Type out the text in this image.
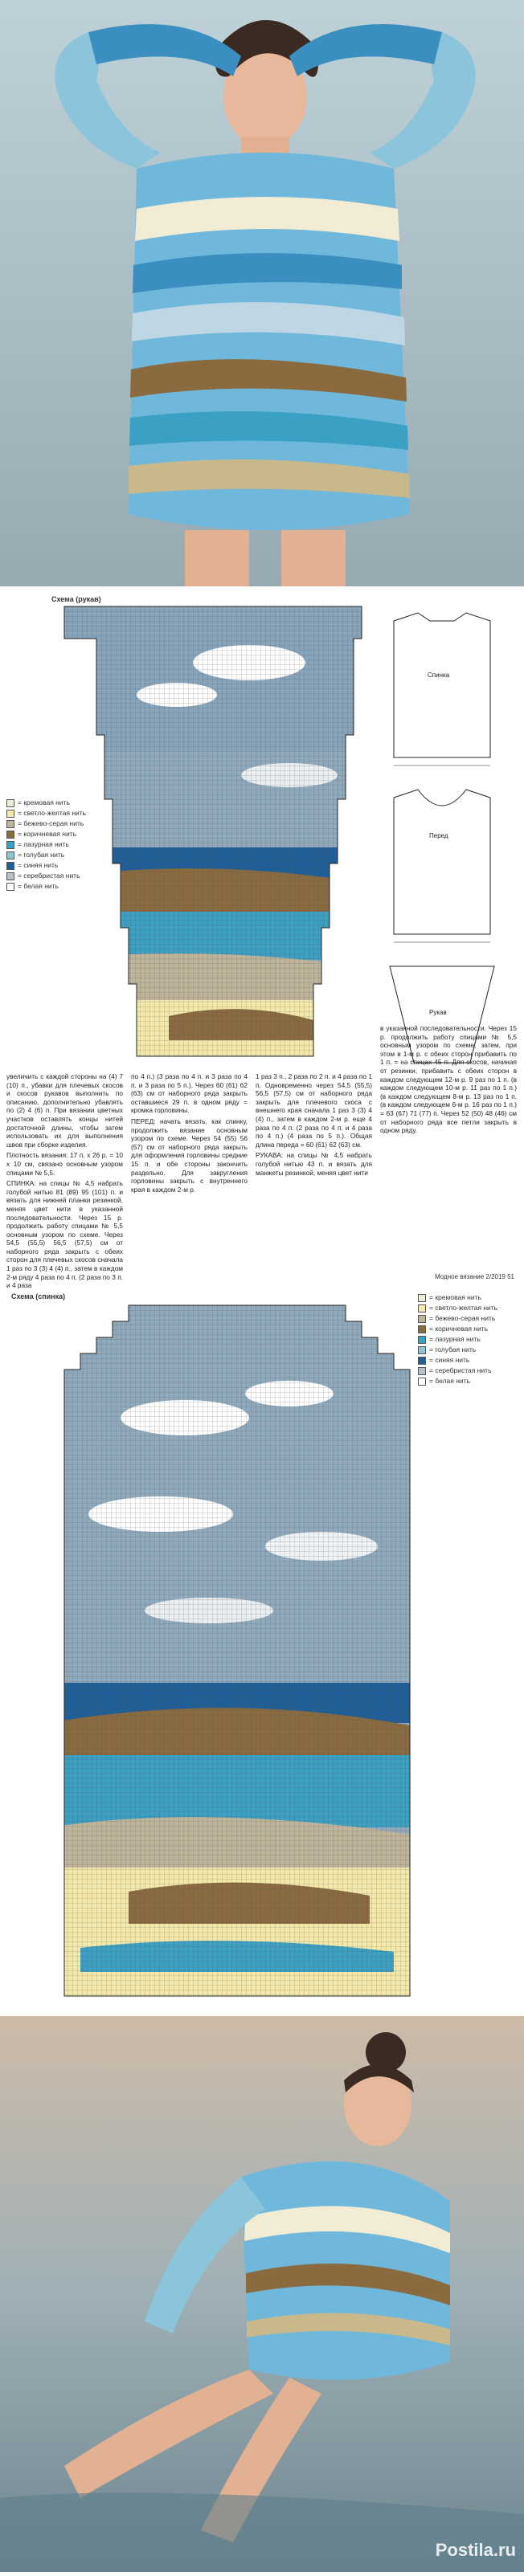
Схема (рукав)
= кремовая нить
= светло-желтая нить
= бежево-серая нить
= коричневая нить
= лазурная нить
= голубая нить
= синяя нить
= серебристая нить
= белая нить
Спинка
Перед
Рукав

увеличить с каждой стороны на (4) 7 (10) п., убавки для плечевых скосов и скосов рукавов выполнить по описанию, дополнительно убавлять по (2) 4 (6) п. При вязании цветных участков оставлять концы нитей достаточной длины, чтобы затем использовать их для выполнения швов при сборке изделия.

Плотность вязания: 17 п. х 26 р. = 10 х 10 см, связано основным узором спицами № 5,5.

СПИНКА: на спицы № 4,5 набрать голубой нитью 81 (89) 95 (101) п. и вязать для нижней планки резинкой, меняя цвет нити в указанной последовательности. Через 15 р. продолжить работу спицами № 5,5 основным узором по схеме. Через 54,5 (55,5) 56,5 (57,5) см от наборного ряда закрыть с обеих сторон для плечевых скосов сначала 1 раз по 3 (3) 4 (4) п., затем в каждом 2-м ряду 4 раза по 4 п. (2 раза по 3 п. и 4 раза

по 4 п.) (3 раза по 4 п. и 3 раза по 4 п. и 3 раза по 5 п.). Через 60 (61) 62 (63) см от наборного ряда закрыть оставшиеся 29 п. в одном ряду = кромка горловины.

ПЕРЕД: начать вязать, как спинку, продолжить вязание основным узором по схеме. Через 54 (55) 56 (57) см от наборного ряда закрыть для оформления горловины средние 15 п. и обе стороны закончить раздельно. Для закругления горловины закрыть с внутреннего края в каждом 2-м р.

1 раз 3 п., 2 раза по 2 п. и 4 раза по 1 п. Одновременно через 54,5 (55,5) 56,5 (57,5) см от наборного ряда закрыть для плечевого скоса с внешнего края сначала 1 раз 3 (3) 4 (4) п., затем в каждом 2-м р. еще 4 раза по 4 п. (2 раза по 4 п. и 4 раза по 4 п.) (4 раза по 5 п.). Общая длина переда = 60 (61) 62 (63) см.

РУКАВА: на спицы № 4,5 набрать голубой нитью 43 п. и вязать для манжеты резинкой, меняя цвет нити

в указанной последовательности. Через 15 р. продолжить работу спицами № 5,5 основным узором по схеме, затем, при этом в 1-м р. с обеих сторон прибавить по 1 п. = на спицах 45 п. Для скосов, начиная от резинки, прибавить с обеих сторон в каждом следующем 12-м р. 9 раз по 1 п. (в каждом следующем 10-м р. 11 раз по 1 п.) (в каждом следующем 8-м р. 13 раз по 1 п. (в каждом следующем 6-м р. 16 раз по 1 п.) = 63 (67) 71 (77) п. Через 52 (50) 48 (46) см от наборного ряда все петли закрыть в одном ряду.

Модное вязание 2/2019 51
Схема (спинка)	= кремовая нить
= светло-желтая нить
= бежево-серая нить
= коричневая нить
= лазурная нить
= голубая нить
= синяя нить
= серебристая нить
= белая нить
Postila.ru
